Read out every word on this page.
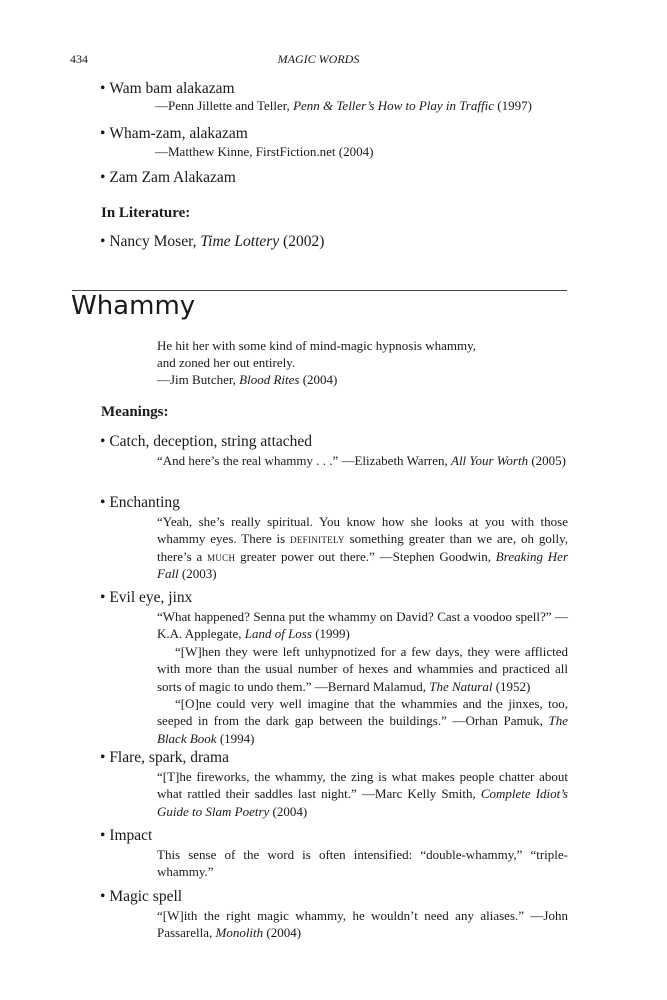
434	MAGIC WORDS
• Wam bam alakazam
—Penn Jillette and Teller, Penn & Teller’s How to Play in Traffic (1997)
• Wham-zam, alakazam
—Matthew Kinne, FirstFiction.net (2004)
• Zam Zam Alakazam
In Literature:
• Nancy Moser, Time Lottery (2002)
Whammy
He hit her with some kind of mind-magic hypnosis whammy,
and zoned her out entirely.
—Jim Butcher, Blood Rites (2004)
Meanings:
• Catch, deception, string attached

“And here’s the real whammy . . .” —Elizabeth Warren, All Your Worth (2005)

• Enchanting

“Yeah, she’s really spiritual. You know how she looks at you with those whammy eyes. There is definitely something greater than we are, oh golly, there’s a much greater power out there.” —Stephen Goodwin, Breaking Her Fall (2003)

• Evil eye, jinx

“What happened? Senna put the whammy on David? Cast a voodoo spell?” —K.A. Applegate, Land of Loss (1999)

“[W]hen they were left unhypnotized for a few days, they were afflicted with more than the usual number of hexes and whammies and practiced all sorts of magic to undo them.” —Bernard Malamud, The Natural (1952)

“[O]ne could very well imagine that the whammies and the jinxes, too, seeped in from the dark gap between the buildings.” —Orhan Pamuk, The Black Book (1994)

• Flare, spark, drama

“[T]he fireworks, the whammy, the zing is what makes people chatter about what rattled their saddles last night.” —Marc Kelly Smith, Complete Idiot’s Guide to Slam Poetry (2004)

• Impact

This sense of the word is often intensified: “double-whammy,” “triple-whammy.”

• Magic spell

“[W]ith the right magic whammy, he wouldn’t need any aliases.” —John Passarella, Monolith (2004)
